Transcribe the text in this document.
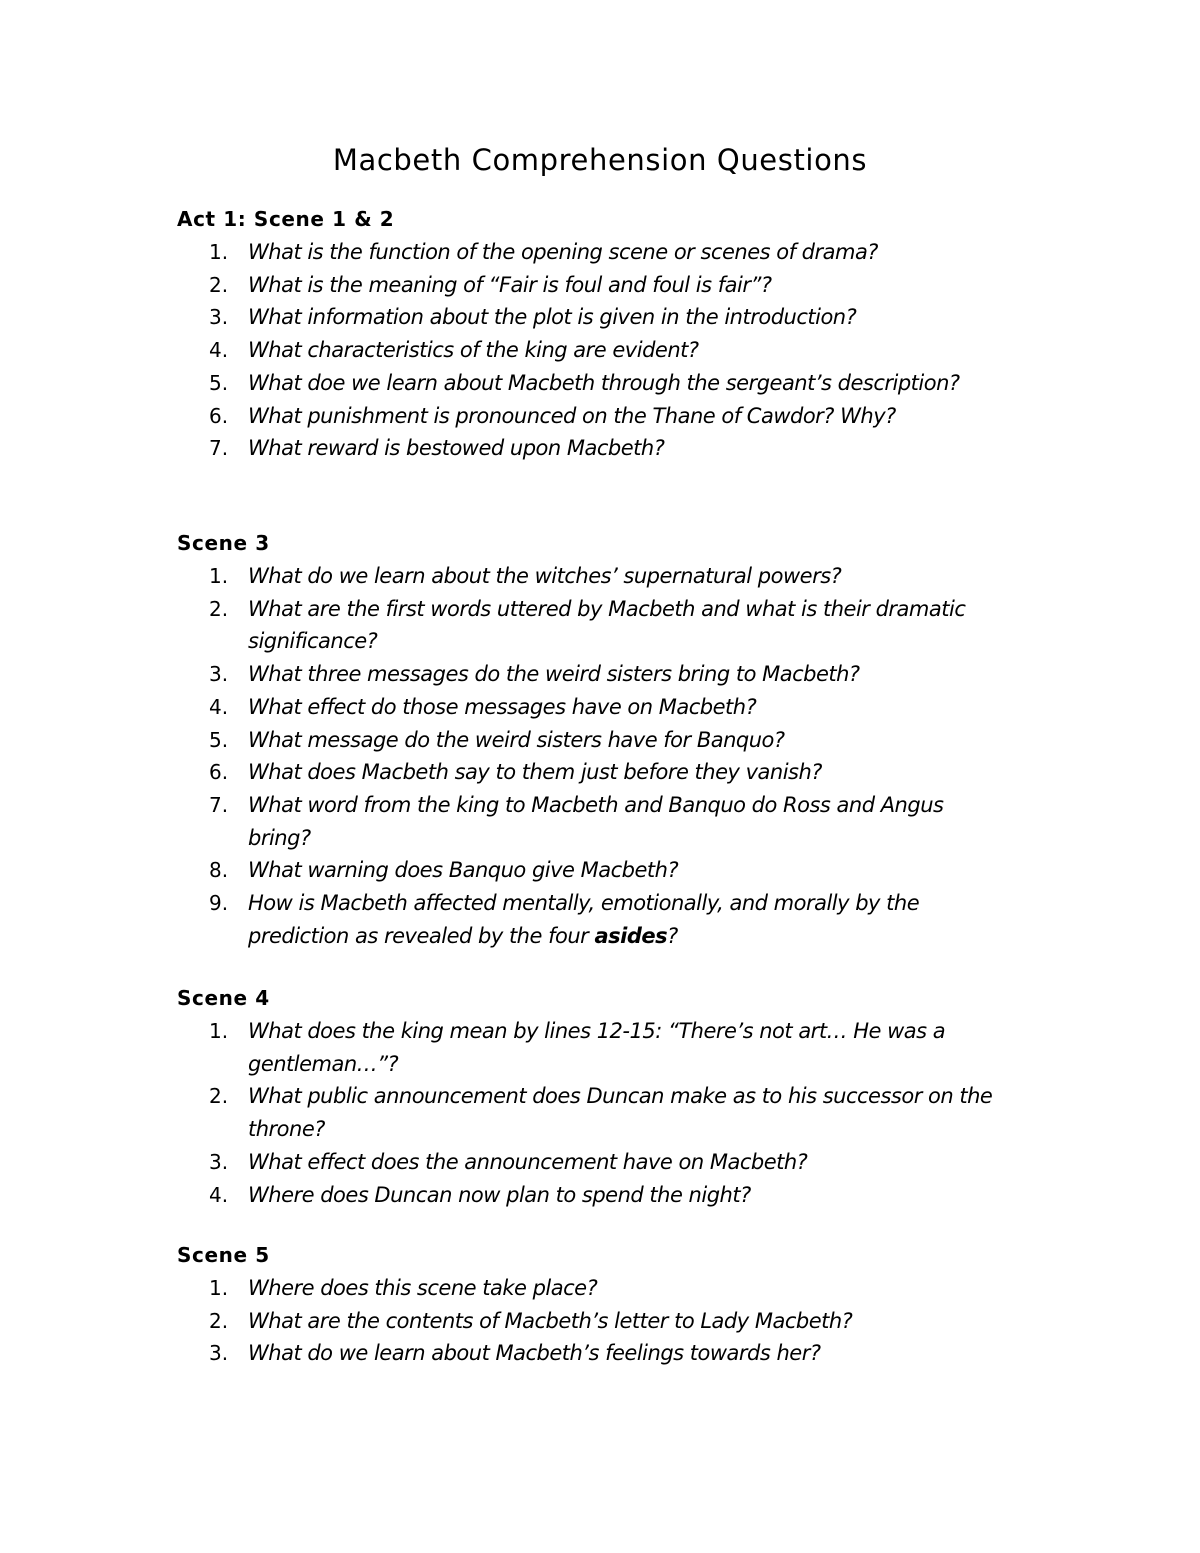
Macbeth Comprehension Questions
Act 1: Scene 1 & 2
1. What is the function of the opening scene or scenes of drama?
2. What is the meaning of “Fair is foul and foul is fair”?
3. What information about the plot is given in the introduction?
4. What characteristics of the king are evident?
5. What doe we learn about Macbeth through the sergeant’s description?
6. What punishment is pronounced on the Thane of Cawdor? Why?
7. What reward is bestowed upon Macbeth?
Scene 3
1. What do we learn about the witches’ supernatural powers?
2. What are the first words uttered by Macbeth and what is their dramatic significance?
3. What three messages do the weird sisters bring to Macbeth?
4. What effect do those messages have on Macbeth?
5. What message do the weird sisters have for Banquo?
6. What does Macbeth say to them just before they vanish?
7. What word from the king to Macbeth and Banquo do Ross and Angus bring?
8. What warning does Banquo give Macbeth?
9. How is Macbeth affected mentally, emotionally, and morally by the prediction as revealed by the four asides?
Scene 4
1. What does the king mean by lines 12-15: “There’s not art… He was a gentleman…”?
2. What public announcement does Duncan make as to his successor on the throne?
3. What effect does the announcement have on Macbeth?
4. Where does Duncan now plan to spend the night?
Scene 5
1. Where does this scene take place?
2. What are the contents of Macbeth’s letter to Lady Macbeth?
3. What do we learn about Macbeth’s feelings towards her?
